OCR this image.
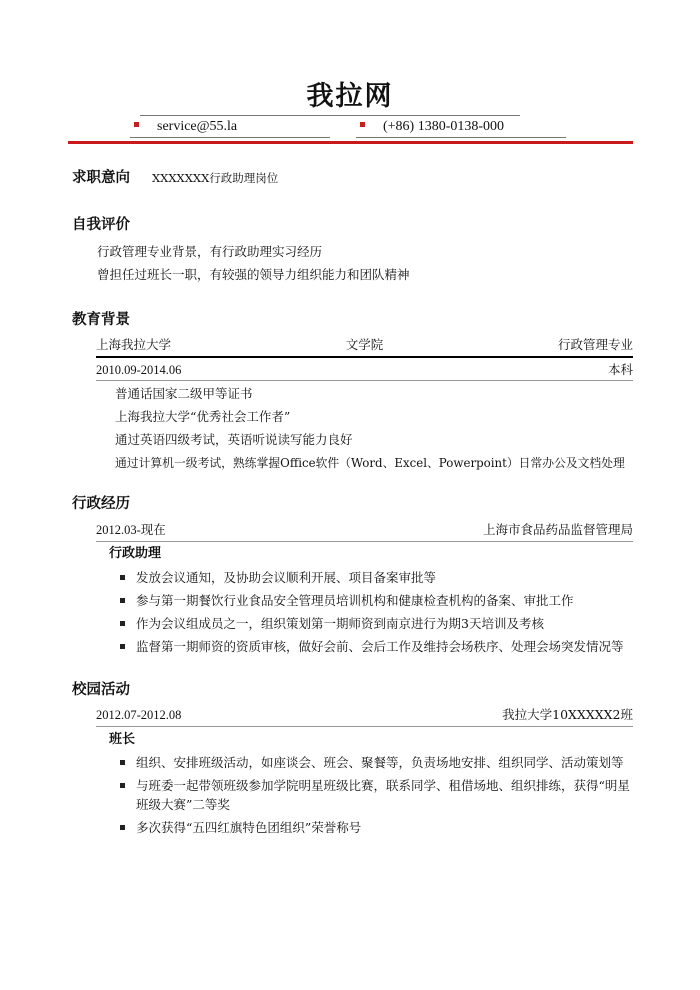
我拉网
service@55.la	(+86) 1380-0138-000
求职意向 XXXXXXX行政助理岗位
自我评价
行政管理专业背景，有行政助理实习经历
曾担任过班长一职，有较强的领导力组织能力和团队精神
教育背景
上海我拉大学	文学院	行政管理专业
2010.09-2014.06	本科
普通话国家二级甲等证书
上海我拉大学“优秀社会工作者”
通过英语四级考试，英语听说读写能力良好
通过计算机一级考试，熟练掌握Office软件（Word、Excel、Powerpoint）日常办公及文档处理
行政经历
2012.03-现在	上海市食品药品监督管理局
行政助理
发放会议通知，及协助会议顺利开展、项目备案审批等
参与第一期餐饮行业食品安全管理员培训机构和健康检查机构的备案、审批工作
作为会议组成员之一，组织策划第一期师资到南京进行为期3天培训及考核
监督第一期师资的资质审核，做好会前、会后工作及维持会场秩序、处理会场突发情况等
校园活动
2012.07-2012.08	我拉大学10XXXXX2班
班长
组织、安排班级活动，如座谈会、班会、聚餐等，负责场地安排、组织同学、活动策划等
与班委一起带领班级参加学院明星班级比赛，联系同学、租借场地、组织排练，获得“明星班级大赛”二等奖
多次获得“五四红旗特色团组织”荣誉称号
